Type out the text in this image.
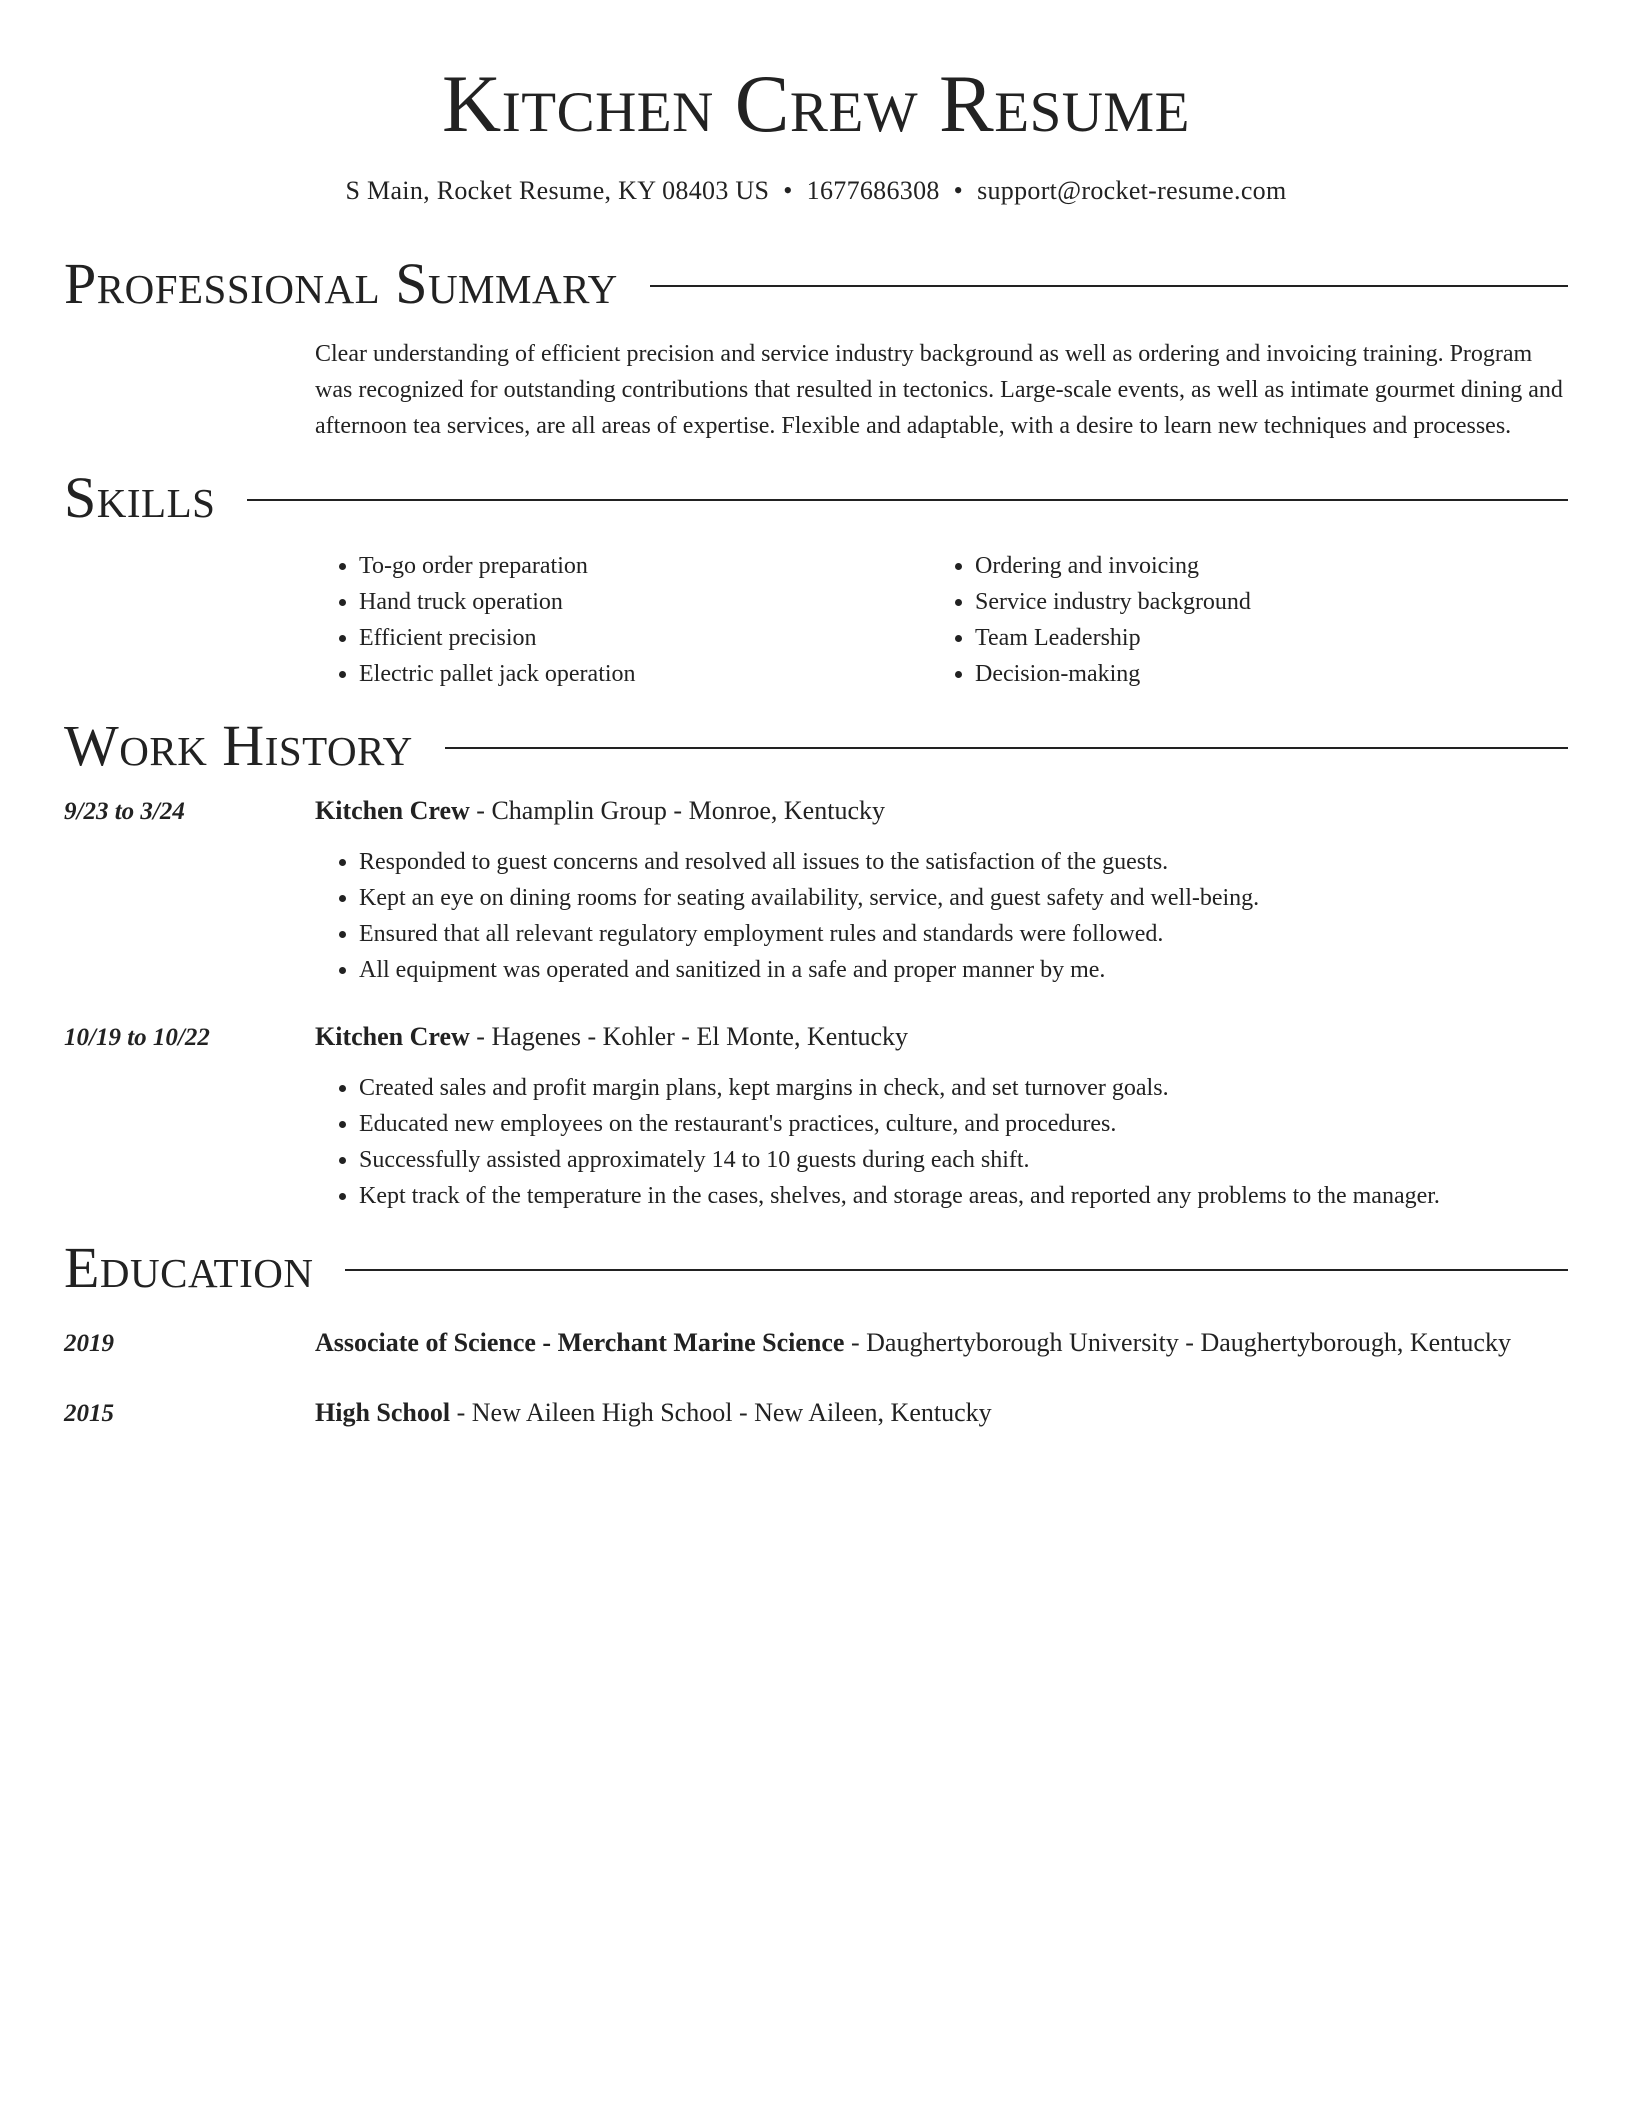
Kitchen Crew Resume
S Main, Rocket Resume, KY 08403 US • 1677686308 • support@rocket-resume.com
Professional Summary

Clear understanding of efficient precision and service industry background as well as ordering and invoicing training. Program was recognized for outstanding contributions that resulted in tectonics. Large-scale events, as well as intimate gourmet dining and afternoon tea services, are all areas of expertise. Flexible and adaptable, with a desire to learn new techniques and processes.

Skills
• To-go order preparation
• Hand truck operation
• Efficient precision
• Electric pallet jack operation
• Ordering and invoicing
• Service industry background
• Team Leadership
• Decision-making
Work History
9/23 to 3/24	Kitchen Crew - Champlin Group - Monroe, Kentucky
• Responded to guest concerns and resolved all issues to the satisfaction of the guests.
• Kept an eye on dining rooms for seating availability, service, and guest safety and well-being.
• Ensured that all relevant regulatory employment rules and standards were followed.
• All equipment was operated and sanitized in a safe and proper manner by me.
10/19 to 10/22	Kitchen Crew - Hagenes - Kohler - El Monte, Kentucky
• Created sales and profit margin plans, kept margins in check, and set turnover goals.
• Educated new employees on the restaurant's practices, culture, and procedures.
• Successfully assisted approximately 14 to 10 guests during each shift.
• Kept track of the temperature in the cases, shelves, and storage areas, and reported any problems to the manager.
Education
2019	Associate of Science - Merchant Marine Science - Daughertyborough University - Daughertyborough, Kentucky
2015	High School - New Aileen High School - New Aileen, Kentucky
